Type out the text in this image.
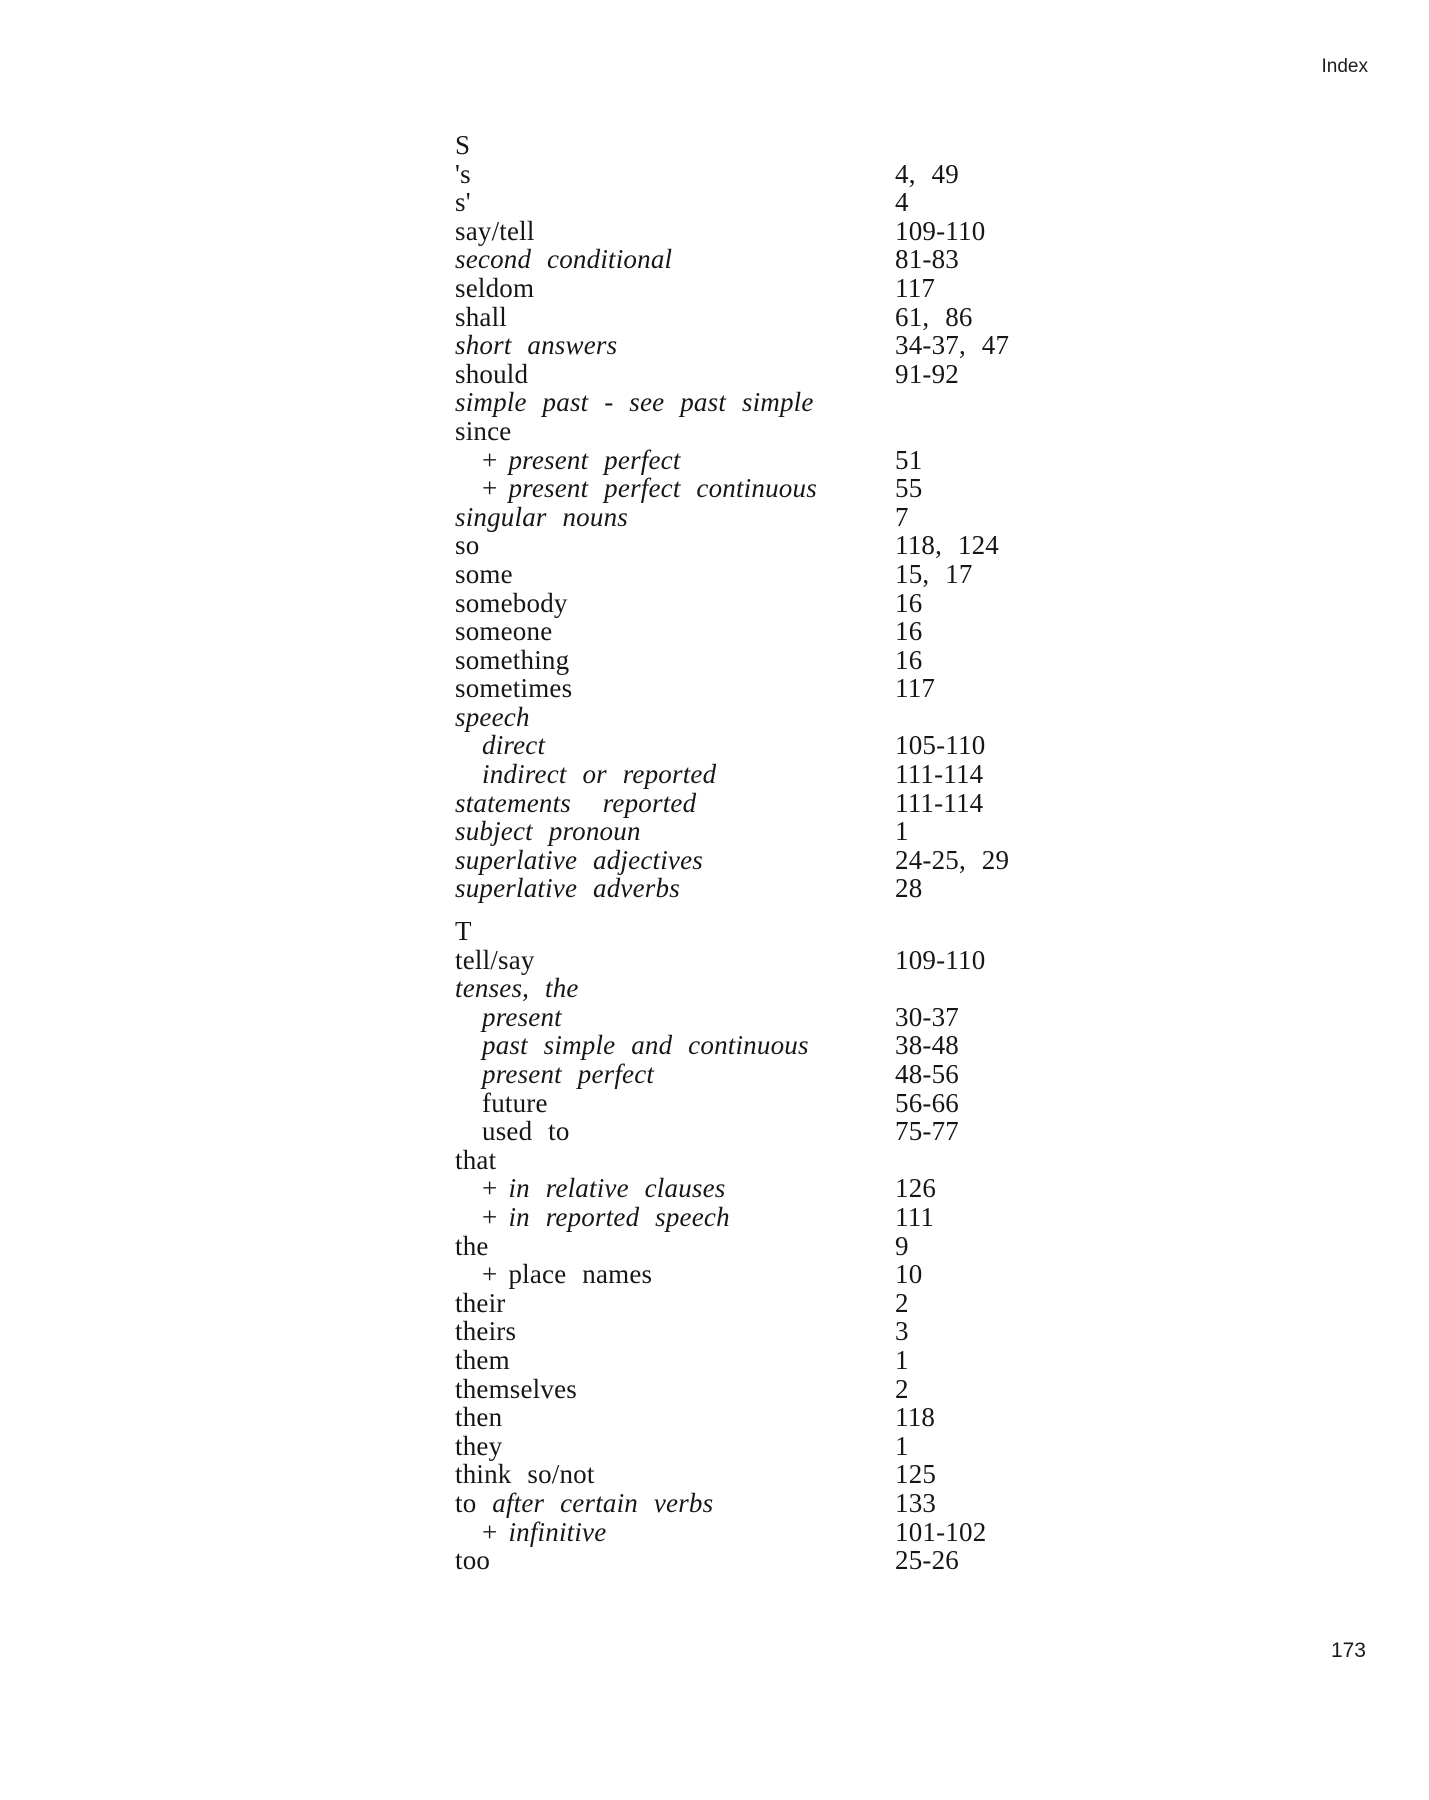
Index
S
's	4, 49
s'	4
say/tell	109-110
second conditional	81-83
seldom	117
shall	61, 86
short answers	34-37, 47
should	91-92
simple past - see past simple
since
+ present perfect	51
+ present perfect continuous	55
singular nouns	7
so	118, 124
some	15, 17
somebody	16
someone	16
something	16
sometimes	117
speech
direct	105-110
indirect or reported	111-114
statements  reported	111-114
subject pronoun	1
superlative adjectives	24-25, 29
superlative adverbs	28
T
tell/say	109-110
tenses, the
present	30-37
past simple and continuous	38-48
present perfect	48-56
future	56-66
used to	75-77
that
+ in relative clauses	126
+ in reported speech	111
the	9
+ place names	10
their	2
theirs	3
them	1
themselves	2
then	118
they	1
think so/not	125
to after certain verbs	133
+ infinitive	101-102
too	25-26
173
